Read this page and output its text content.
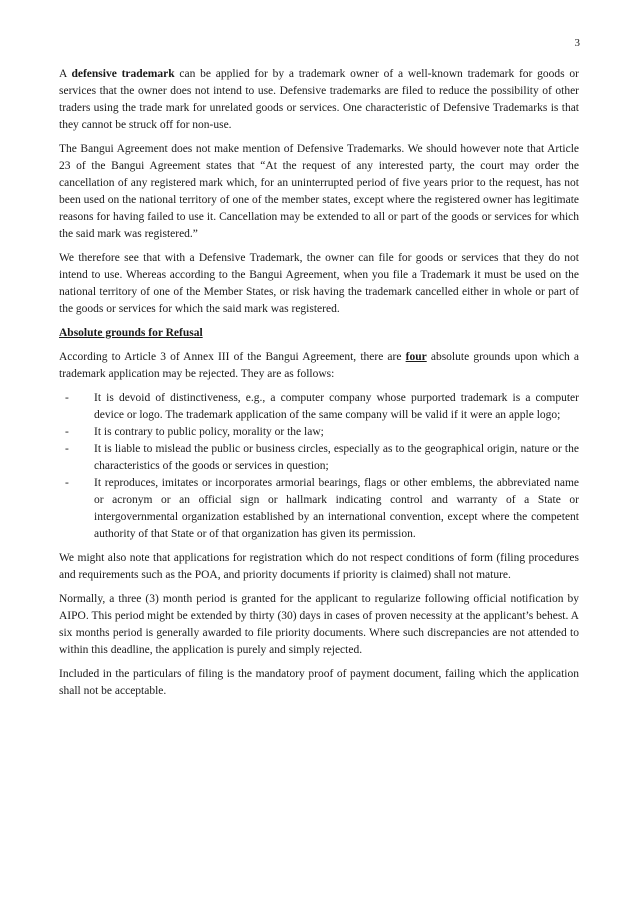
3

A defensive trademark can be applied for by a trademark owner of a well-known trademark for goods or services that the owner does not intend to use. Defensive trademarks are filed to reduce the possibility of other traders using the trade mark for unrelated goods or services. One characteristic of Defensive Trademarks is that they cannot be struck off for non-use.

The Bangui Agreement does not make mention of Defensive Trademarks. We should however note that Article 23 of the Bangui Agreement states that “At the request of any interested party, the court may order the cancellation of any registered mark which, for an uninterrupted period of five years prior to the request, has not been used on the national territory of one of the member states, except where the registered owner has legitimate reasons for having failed to use it. Cancellation may be extended to all or part of the goods or services for which the said mark was registered.”

We therefore see that with a Defensive Trademark, the owner can file for goods or services that they do not intend to use. Whereas according to the Bangui Agreement, when you file a Trademark it must be used on the national territory of one of the Member States, or risk having the trademark cancelled either in whole or part of the goods or services for which the said mark was registered.

Absolute grounds for Refusal

According to Article 3 of Annex III of the Bangui Agreement, there are four absolute grounds upon which a trademark application may be rejected. They are as follows:

- It is devoid of distinctiveness, e.g., a computer company whose purported trademark is a computer device or logo. The trademark application of the same company will be valid if it were an apple logo;
- It is contrary to public policy, morality or the law;
- It is liable to mislead the public or business circles, especially as to the geographical origin, nature or the characteristics of the goods or services in question;
- It reproduces, imitates or incorporates armorial bearings, flags or other emblems, the abbreviated name or acronym or an official sign or hallmark indicating control and warranty of a State or intergovernmental organization established by an international convention, except where the competent authority of that State or of that organization has given its permission.

We might also note that applications for registration which do not respect conditions of form (filing procedures and requirements such as the POA, and priority documents if priority is claimed) shall not mature.

Normally, a three (3) month period is granted for the applicant to regularize following official notification by AIPO. This period might be extended by thirty (30) days in cases of proven necessity at the applicant’s behest. A six months period is generally awarded to file priority documents. Where such discrepancies are not attended to within this deadline, the application is purely and simply rejected.

Included in the particulars of filing is the mandatory proof of payment document, failing which the application shall not be acceptable.
